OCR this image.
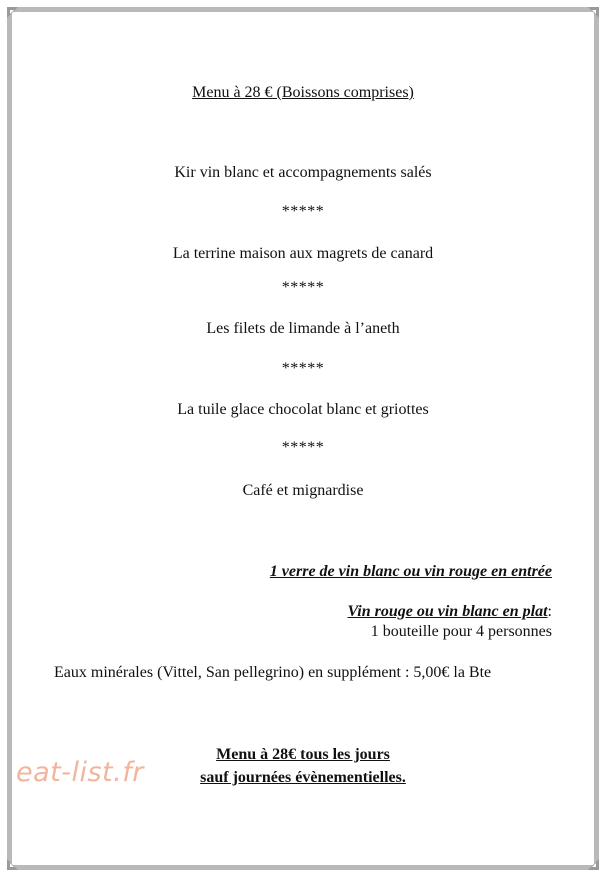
Menu à 28 € (Boissons comprises)
Kir vin blanc et accompagnements salés
*****
La terrine maison aux magrets de canard
*****
Les filets de limande à l’aneth
*****
La tuile glace chocolat blanc et griottes
*****
Café et mignardise
1 verre de vin blanc ou vin rouge en entrée
Vin rouge ou vin blanc en plat:
1 bouteille pour 4 personnes
Eaux minérales (Vittel, San pellegrino) en supplément : 5,00€ la Bte
Menu à 28€ tous les jours
sauf journées évènementielles.
eat-list.fr
